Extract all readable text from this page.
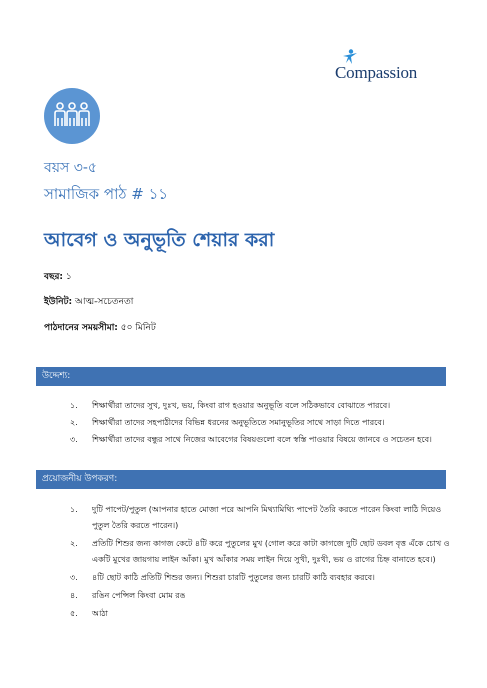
Compassion
বয়স ৩-৫
সামাজিক পাঠ # ১১
আবেগ ও অনুভূতি শেয়ার করা
বছর: ১
ইউনিট: আত্ম-সচেতনতা
পাঠদানের সময়সীমা: ৫০ মিনিট
উদ্দেশ্য:
১. শিক্ষার্থীরা তাদের সুখ, দুঃখ, ভয়, কিংবা রাগ হওয়ার অনুভূতি বলে সঠিকভাবে বোঝাতে পারবে।
২. শিক্ষার্থীরা তাদের সহপাঠীদের বিভিন্ন ধরনের অনুভূতিতে সমানুভূতির সাথে সাড়া দিতে পারবে।
৩. শিক্ষার্থীরা তাদের বন্ধুর সাথে নিজের আবেগের বিষয়গুলো বলে স্বস্তি পাওয়ার বিষয়ে জানবে ও সচেতন হবে।
প্রয়োজনীয় উপকরণ:
১. দুটি পাপেট/পুতুল (আপনার হাতে মোজা পরে আপনি মিথ্যামিথ্যি পাপেট তৈরি করতে পারেন কিংবা লাঠি দিয়েও পুতুল তৈরি করতে পারেন।)
২. প্রতিটি শিশুর জন্য কাগজ কেটে ৪টি করে পুতুলের মুখ (গোল করে কাটা কাগজে দুটি ছোট ডবল বৃত্ত এঁকে চোখ ও একটি মুখের জায়গায় লাইন আঁকা। মুখ আঁকার সময় লাইন দিয়ে সুখী, দুঃখী, ভয় ও রাগের চিহ্ন বানাতে হবে।)
৩. ৪টি ছোট কাঠি প্রতিটি শিশুর জন্য। শিশুরা চারটি পুতুলের জন্য চারটি কাঠি ব্যবহার করবে।
৪. রঙিন পেন্সিল কিংবা মোম রঙ
৫. আঠা
